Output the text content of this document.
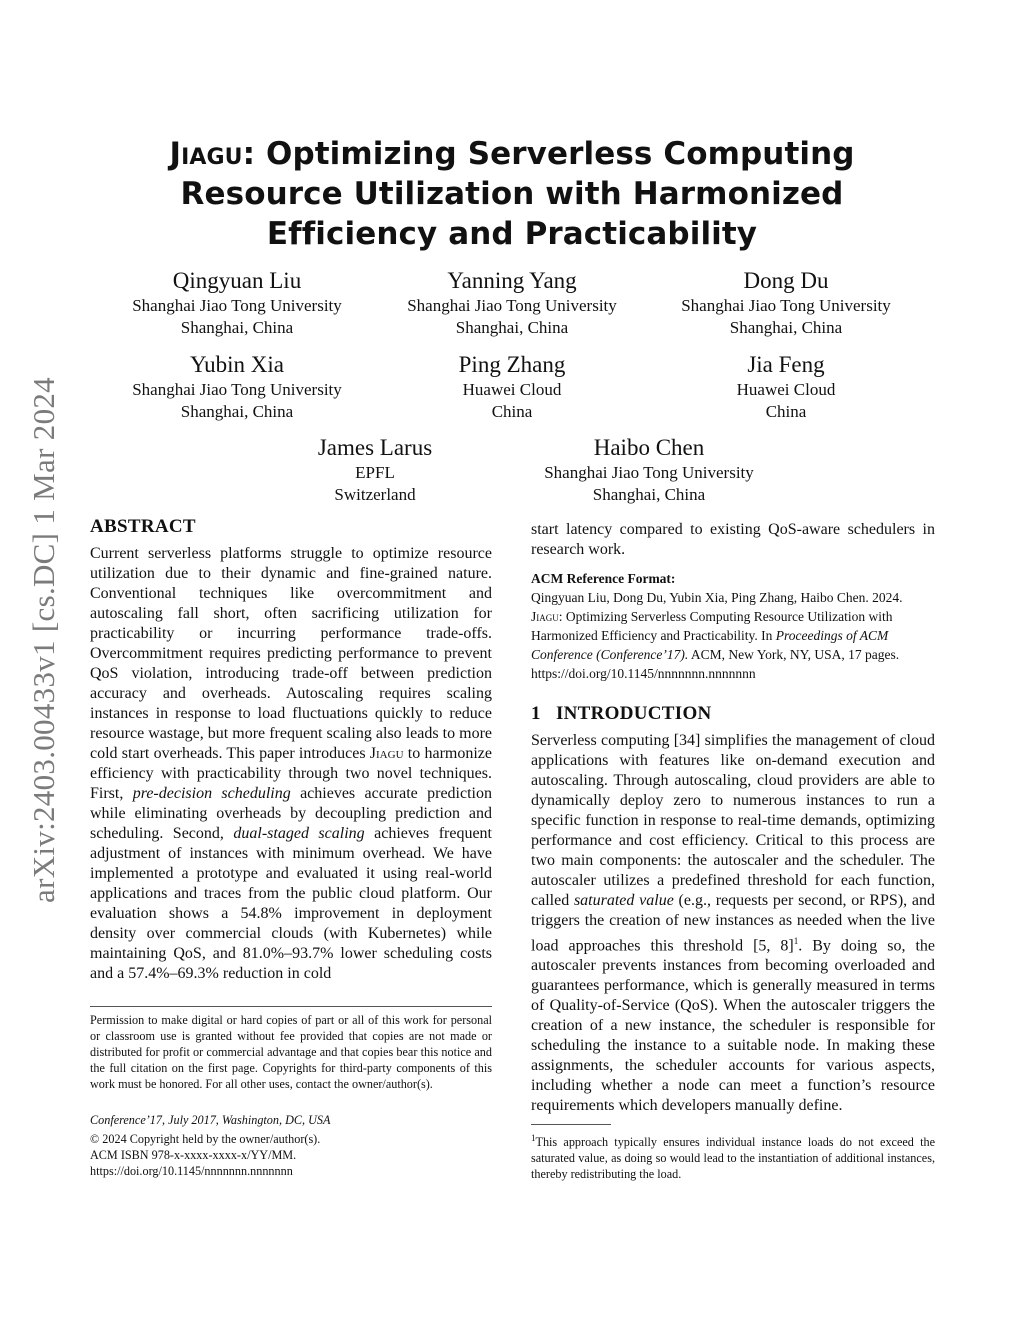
arXiv:2403.00433v1 [cs.DC] 1 Mar 2024
Jiagu: Optimizing Serverless Computing Resource Utilization with Harmonized Efficiency and Practicability
Qingyuan Liu
Shanghai Jiao Tong University
Shanghai, China
Yanning Yang
Shanghai Jiao Tong University
Shanghai, China
Dong Du
Shanghai Jiao Tong University
Shanghai, China
Yubin Xia
Shanghai Jiao Tong University
Shanghai, China
Ping Zhang
Huawei Cloud
China
Jia Feng
Huawei Cloud
China
James Larus
EPFL
Switzerland
Haibo Chen
Shanghai Jiao Tong University
Shanghai, China
ABSTRACT
Current serverless platforms struggle to optimize resource utilization due to their dynamic and fine-grained nature. Conventional techniques like overcommitment and autoscaling fall short, often sacrificing utilization for practicability or incurring performance trade-offs. Overcommitment requires predicting performance to prevent QoS violation, introducing trade-off between prediction accuracy and overheads. Autoscaling requires scaling instances in response to load fluctuations quickly to reduce resource wastage, but more frequent scaling also leads to more cold start overheads. This paper introduces Jiagu to harmonize efficiency with practicability through two novel techniques. First, pre-decision scheduling achieves accurate prediction while eliminating overheads by decoupling prediction and scheduling. Second, dual-staged scaling achieves frequent adjustment of instances with minimum overhead. We have implemented a prototype and evaluated it using real-world applications and traces from the public cloud platform. Our evaluation shows a 54.8% improvement in deployment density over commercial clouds (with Kubernetes) while maintaining QoS, and 81.0%–93.7% lower scheduling costs and a 57.4%–69.3% reduction in cold
Permission to make digital or hard copies of part or all of this work for personal or classroom use is granted without fee provided that copies are not made or distributed for profit or commercial advantage and that copies bear this notice and the full citation on the first page. Copyrights for third-party components of this work must be honored. For all other uses, contact the owner/author(s).
Conference’17, July 2017, Washington, DC, USA
© 2024 Copyright held by the owner/author(s).
ACM ISBN 978-x-xxxx-xxxx-x/YY/MM.
https://doi.org/10.1145/nnnnnnn.nnnnnnn
start latency compared to existing QoS-aware schedulers in research work.
ACM Reference Format:
Qingyuan Liu, Dong Du, Yubin Xia, Ping Zhang, Haibo Chen. 2024. Jiagu: Optimizing Serverless Computing Resource Utilization with Harmonized Efficiency and Practicability. In Proceedings of ACM Conference (Conference’17). ACM, New York, NY, USA, 17 pages. https://doi.org/10.1145/nnnnnnn.nnnnnnn
1   INTRODUCTION
Serverless computing [34] simplifies the management of cloud applications with features like on-demand execution and autoscaling. Through autoscaling, cloud providers are able to dynamically deploy zero to numerous instances to run a specific function in response to real-time demands, optimizing performance and cost efficiency. Critical to this process are two main components: the autoscaler and the scheduler. The autoscaler utilizes a predefined threshold for each function, called saturated value (e.g., requests per second, or RPS), and triggers the creation of new instances as needed when the live load approaches this threshold [5, 8]$^1$. By doing so, the autoscaler prevents instances from becoming overloaded and guarantees performance, which is generally measured in terms of Quality-of-Service (QoS). When the autoscaler triggers the creation of a new instance, the scheduler is responsible for scheduling the instance to a suitable node. In making these assignments, the scheduler accounts for various aspects, including whether a node can meet a function’s resource requirements which developers manually define.
$^1$This approach typically ensures individual instance loads do not exceed the saturated value, as doing so would lead to the instantiation of additional instances, thereby redistributing the load.
